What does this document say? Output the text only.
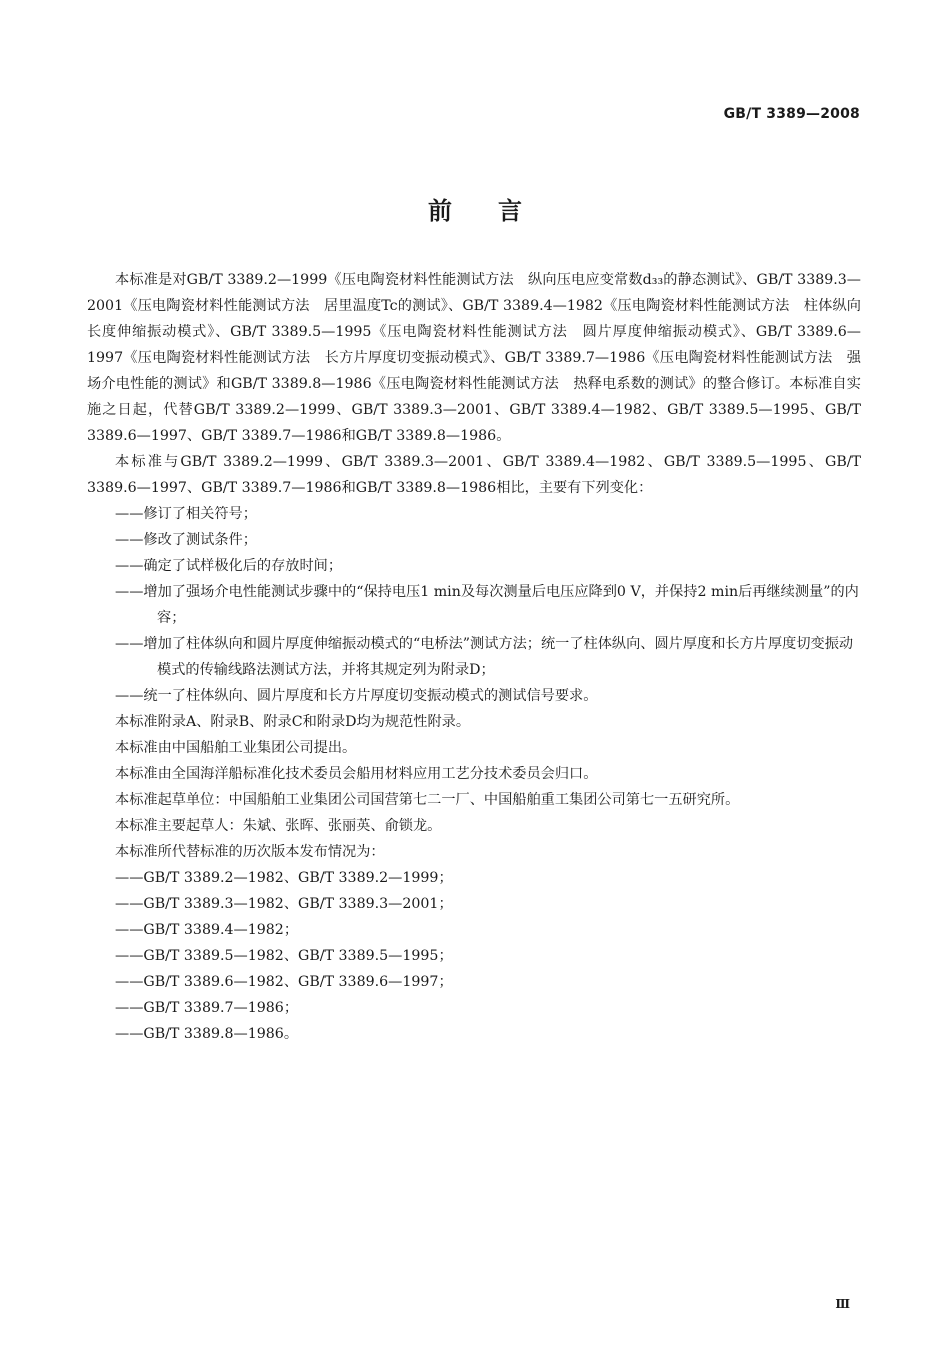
GB/T 3389—2008
前言

本标准是对GB/T 3389.2—1999《压电陶瓷材料性能测试方法　纵向压电应变常数d₃₃的静态测试》、GB/T 3389.3—2001《压电陶瓷材料性能测试方法　居里温度Tc的测试》、GB/T 3389.4—1982《压电陶瓷材料性能测试方法　柱体纵向长度伸缩振动模式》、GB/T 3389.5—1995《压电陶瓷材料性能测试方法　圆片厚度伸缩振动模式》、GB/T 3389.6—1997《压电陶瓷材料性能测试方法　长方片厚度切变振动模式》、GB/T 3389.7—1986《压电陶瓷材料性能测试方法　强场介电性能的测试》和GB/T 3389.8—1986《压电陶瓷材料性能测试方法　热释电系数的测试》的整合修订。本标准自实施之日起，代替GB/T 3389.2—1999、GB/T 3389.3—2001、GB/T 3389.4—1982、GB/T 3389.5—1995、GB/T 3389.6—1997、GB/T 3389.7—1986和GB/T 3389.8—1986。

本标准与GB/T 3389.2—1999、GB/T 3389.3—2001、GB/T 3389.4—1982、GB/T 3389.5—1995、GB/T 3389.6—1997、GB/T 3389.7—1986和GB/T 3389.8—1986相比，主要有下列变化：

——修订了相关符号；

——修改了测试条件；

——确定了试样极化后的存放时间；

——增加了强场介电性能测试步骤中的“保持电压1 min及每次测量后电压应降到0 V，并保持2 min后再继续测量”的内容；

——增加了柱体纵向和圆片厚度伸缩振动模式的“电桥法”测试方法；统一了柱体纵向、圆片厚度和长方片厚度切变振动模式的传输线路法测试方法，并将其规定列为附录D；

——统一了柱体纵向、圆片厚度和长方片厚度切变振动模式的测试信号要求。

本标准附录A、附录B、附录C和附录D均为规范性附录。

本标准由中国船舶工业集团公司提出。

本标准由全国海洋船标准化技术委员会船用材料应用工艺分技术委员会归口。

本标准起草单位：中国船舶工业集团公司国营第七二一厂、中国船舶重工集团公司第七一五研究所。

本标准主要起草人：朱斌、张晖、张丽英、俞锁龙。

本标准所代替标准的历次版本发布情况为：

——GB/T 3389.2—1982、GB/T 3389.2—1999；

——GB/T 3389.3—1982、GB/T 3389.3—2001；

——GB/T 3389.4—1982；

——GB/T 3389.5—1982、GB/T 3389.5—1995；

——GB/T 3389.6—1982、GB/T 3389.6—1997；

——GB/T 3389.7—1986；

——GB/T 3389.8—1986。

Ⅲ
